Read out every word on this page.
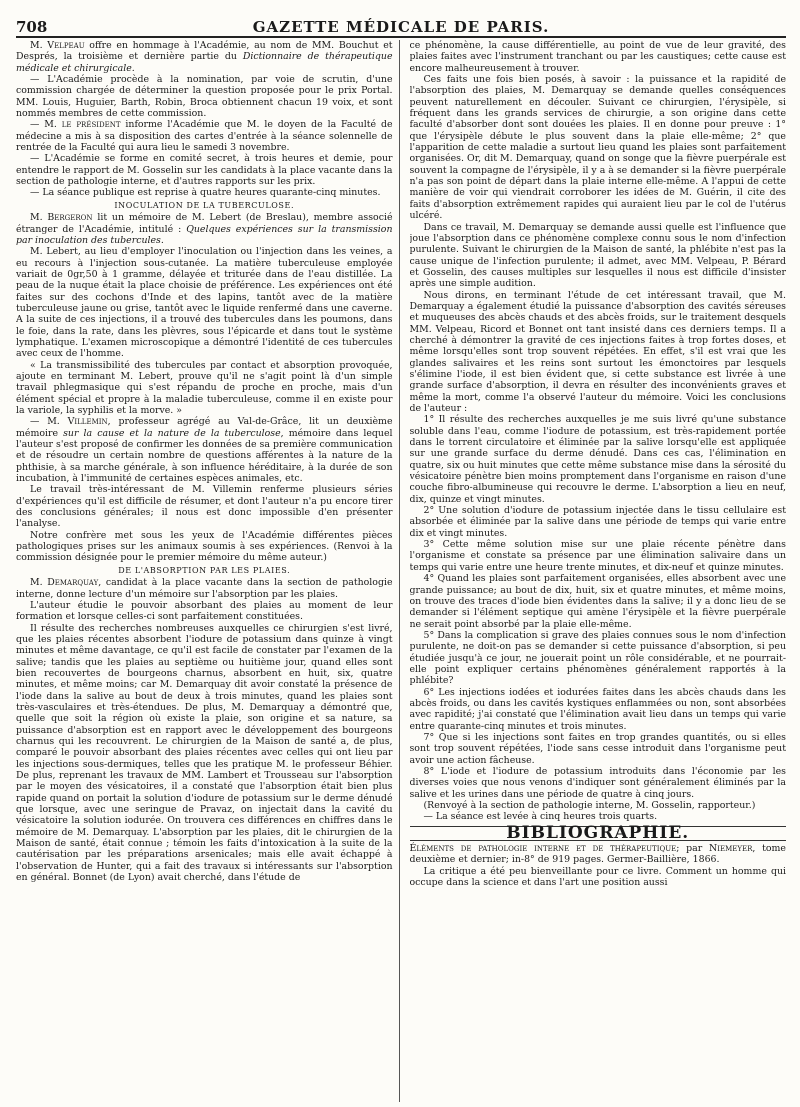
708	GAZETTE MÉDICALE DE PARIS.

M. Velpeau offre en hommage à l'Académie, au nom de MM. Bouchut et Després, la troisième et dernière partie du Dictionnaire de thérapeutique médicale et chirurgicale.

— L'Académie procède à la nomination, par voie de scrutin, d'une commission chargée de déterminer la question proposée pour le prix Portal. MM. Louis, Huguier, Barth, Robin, Broca obtiennent chacun 19 voix, et sont nommés membres de cette commission.

— M. le président informe l'Académie que M. le doyen de la Faculté de médecine a mis à sa disposition des cartes d'entrée à la séance solennelle de rentrée de la Faculté qui aura lieu le samedi 3 novembre.

— L'Académie se forme en comité secret, à trois heures et demie, pour entendre le rapport de M. Gosselin sur les candidats à la place vacante dans la section de pathologie interne, et d'autres rapports sur les prix.

— La séance publique est reprise à quatre heures quarante-cinq minutes.

INOCULATION DE LA TUBERCULOSE.

M. Bergeron lit un mémoire de M. Lebert (de Breslau), membre associé étranger de l'Académie, intitulé : Quelques expériences sur la transmission par inoculation des tubercules.

M. Lebert, au lieu d'employer l'inoculation ou l'injection dans les veines, a eu recours à l'injection sous-cutanée. La matière tuberculeuse employée variait de 0gr,50 à 1 gramme, délayée et triturée dans de l'eau distillée. La peau de la nuque était la place choisie de préférence. Les expériences ont été faites sur des cochons d'Inde et des lapins, tantôt avec de la matière tuberculeuse jaune ou grise, tantôt avec le liquide renfermé dans une caverne. A la suite de ces injections, il a trouvé des tubercules dans les poumons, dans le foie, dans la rate, dans les plèvres, sous l'épicarde et dans tout le système lymphatique. L'examen microscopique a démontré l'identité de ces tubercules avec ceux de l'homme.

« La transmissibilité des tubercules par contact et absorption provoquée, ajoute en terminant M. Lebert, prouve qu'il ne s'agit point là d'un simple travail phlegmasique qui s'est répandu de proche en proche, mais d'un élément spécial et propre à la maladie tuberculeuse, comme il en existe pour la variole, la syphilis et la morve. »

— M. Villemin, professeur agrégé au Val-de-Grâce, lit un deuxième mémoire sur la cause et la nature de la tuberculose, mémoire dans lequel l'auteur s'est proposé de confirmer les données de sa première communication et de résoudre un certain nombre de questions afférentes à la nature de la phthisie, à sa marche générale, à son influence héréditaire, à la durée de son incubation, à l'immunité de certaines espèces animales, etc.

Le travail très-intéressant de M. Villemin renferme plusieurs séries d'expériences qu'il est difficile de résumer, et dont l'auteur n'a pu encore tirer des conclusions générales; il nous est donc impossible d'en présenter l'analyse.

Notre confrère met sous les yeux de l'Académie différentes pièces pathologiques prises sur les animaux soumis à ses expériences. (Renvoi à la commission désignée pour le premier mémoire du même auteur.)

DE L'ABSORPTION PAR LES PLAIES.

M. Demarquay, candidat à la place vacante dans la section de pathologie interne, donne lecture d'un mémoire sur l'absorption par les plaies.

L'auteur étudie le pouvoir absorbant des plaies au moment de leur formation et lorsque celles-ci sont parfaitement constituées.

Il résulte des recherches nombreuses auxquelles ce chirurgien s'est livré, que les plaies récentes absorbent l'iodure de potassium dans quinze à vingt minutes et même davantage, ce qu'il est facile de constater par l'examen de la salive; tandis que les plaies au septième ou huitième jour, quand elles sont bien recouvertes de bourgeons charnus, absorbent en huit, six, quatre minutes, et même moins; car M. Demarquay dit avoir constaté la présence de l'iode dans la salive au bout de deux à trois minutes, quand les plaies sont très-vasculaires et très-étendues. De plus, M. Demarquay a démontré que, quelle que soit la région où existe la plaie, son origine et sa nature, sa puissance d'absorption est en rapport avec le développement des bourgeons charnus qui les recouvrent. Le chirurgien de la Maison de santé a, de plus, comparé le pouvoir absorbant des plaies récentes avec celles qui ont lieu par les injections sous-dermiques, telles que les pratique M. le professeur Béhier. De plus, reprenant les travaux de MM. Lambert et Trousseau sur l'absorption par le moyen des vésicatoires, il a constaté que l'absorption était bien plus rapide quand on portait la solution d'iodure de potassium sur le derme dénudé que lorsque, avec une seringue de Pravaz, on injectait dans la cavité du vésicatoire la solution iodurée. On trouvera ces différences en chiffres dans le mémoire de M. Demarquay. L'absorption par les plaies, dit le chirurgien de la Maison de santé, était connue ; témoin les faits d'intoxication à la suite de la cautérisation par les préparations arsenicales; mais elle avait échappé à l'observation de Hunter, qui a fait des travaux si intéressants sur l'absorption en général. Bonnet (de Lyon) avait cherché, dans l'étude de

ce phénomène, la cause différentielle, au point de vue de leur gravité, des plaies faites avec l'instrument tranchant ou par les caustiques; cette cause est encore malheureusement à trouver.

Ces faits une fois bien posés, à savoir : la puissance et la rapidité de l'absorption des plaies, M. Demarquay se demande quelles conséquences peuvent naturellement en découler. Suivant ce chirurgien, l'érysipèle, si fréquent dans les grands services de chirurgie, a son origine dans cette faculté d'absorber dont sont douées les plaies. Il en donne pour preuve : 1° que l'érysipèle débute le plus souvent dans la plaie elle-même; 2° que l'apparition de cette maladie a surtout lieu quand les plaies sont parfaitement organisées. Or, dit M. Demarquay, quand on songe que la fièvre puerpérale est souvent la compagne de l'érysipèle, il y a à se demander si la fièvre puerpérale n'a pas son point de départ dans la plaie interne elle-même. A l'appui de cette manière de voir qui viendrait corroborer les idées de M. Guérin, il cite des faits d'absorption extrêmement rapides qui auraient lieu par le col de l'utérus ulcéré.

Dans ce travail, M. Demarquay se demande aussi quelle est l'influence que joue l'absorption dans ce phénomène complexe connu sous le nom d'infection purulente. Suivant le chirurgien de la Maison de santé, la phlébite n'est pas la cause unique de l'infection purulente; il admet, avec MM. Velpeau, P. Bérard et Gosselin, des causes multiples sur lesquelles il nous est difficile d'insister après une simple audition.

Nous dirons, en terminant l'étude de cet intéressant travail, que M. Demarquay a également étudié la puissance d'absorption des cavités séreuses et muqueuses des abcès chauds et des abcès froids, sur le traitement desquels MM. Velpeau, Ricord et Bonnet ont tant insisté dans ces derniers temps. Il a cherché à démontrer la gravité de ces injections faites à trop fortes doses, et même lorsqu'elles sont trop souvent répétées. En effet, s'il est vrai que les glandes salivaires et les reins sont surtout les émonctoires par lesquels s'élimine l'iode, il est bien évident que, si cette substance est livrée à une grande surface d'absorption, il devra en résulter des inconvénients graves et même la mort, comme l'a observé l'auteur du mémoire. Voici les conclusions de l'auteur :

1° Il résulte des recherches auxquelles je me suis livré qu'une substance soluble dans l'eau, comme l'iodure de potassium, est très-rapidement portée dans le torrent circulatoire et éliminée par la salive lorsqu'elle est appliquée sur une grande surface du derme dénudé. Dans ces cas, l'élimination en quatre, six ou huit minutes que cette même substance mise dans la sérosité du vésicatoire pénètre bien moins promptement dans l'organisme en raison d'une couche fibro-albumineuse qui recouvre le derme. L'absorption a lieu en neuf, dix, quinze et vingt minutes.

2° Une solution d'iodure de potassium injectée dans le tissu cellulaire est absorbée et éliminée par la salive dans une période de temps qui varie entre dix et vingt minutes.

3° Cette même solution mise sur une plaie récente pénètre dans l'organisme et constate sa présence par une élimination salivaire dans un temps qui varie entre une heure trente minutes, et dix-neuf et quinze minutes.

4° Quand les plaies sont parfaitement organisées, elles absorbent avec une grande puissance; au bout de dix, huit, six et quatre minutes, et même moins, on trouve des traces d'iode bien évidentes dans la salive; il y a donc lieu de se demander si l'élément septique qui amène l'érysipèle et la fièvre puerpérale ne serait point absorbé par la plaie elle-même.

5° Dans la complication si grave des plaies connues sous le nom d'infection purulente, ne doit-on pas se demander si cette puissance d'absorption, si peu étudiée jusqu'à ce jour, ne jouerait point un rôle considérable, et ne pourrait-elle point expliquer certains phénomènes généralement rapportés à la phlébite?

6° Les injections iodées et iodurées faites dans les abcès chauds dans les abcès froids, ou dans les cavités kystiques enflammées ou non, sont absorbées avec rapidité; j'ai constaté que l'élimination avait lieu dans un temps qui varie entre quarante-cinq minutes et trois minutes.

7° Que si les injections sont faites en trop grandes quantités, ou si elles sont trop souvent répétées, l'iode sans cesse introduit dans l'organisme peut avoir une action fâcheuse.

8° L'iode et l'iodure de potassium introduits dans l'économie par les diverses voies que nous venons d'indiquer sont généralement éliminés par la salive et les urines dans une période de quatre à cinq jours.

(Renvoyé à la section de pathologie interne, M. Gosselin, rapporteur.)

— La séance est levée à cinq heures trois quarts.

BIBLIOGRAPHIE.

Éléments de pathologie interne et de thérapeutique; par Niemeyer, tome deuxième et dernier; in-8° de 919 pages. Germer-Baillière, 1866.

La critique a été peu bienveillante pour ce livre. Comment un homme qui occupe dans la science et dans l'art une position aussi
